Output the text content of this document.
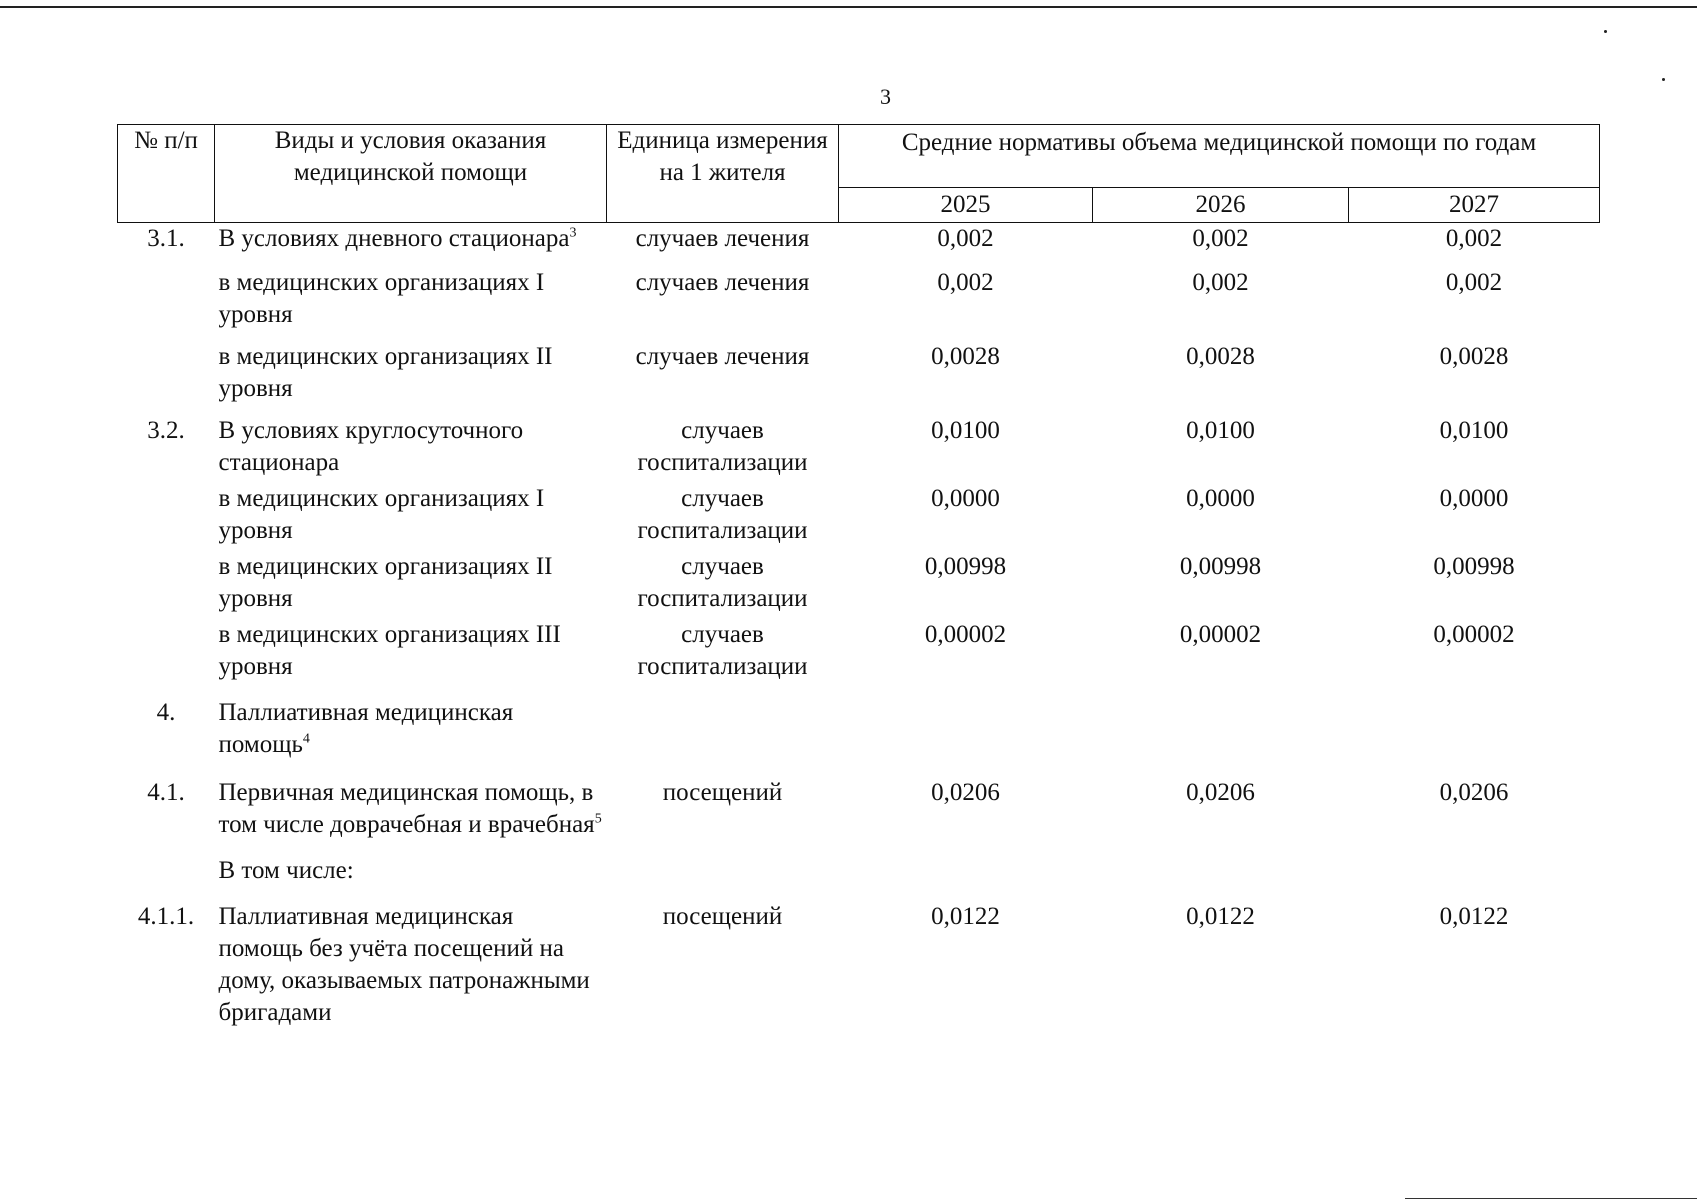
3
№ п/п	Виды и условия оказания медицинской помощи	Единица измерения на 1 жителя	Средние нормативы объема медицинской помощи по годам		
			2025	2026	2027
3.1.	В условиях дневного стационара$^3$	случаев лечения	0,002	0,002	0,002
	в медицинских организациях I уровня	случаев лечения	0,002	0,002	0,002
	в медицинских организациях II уровня	случаев лечения	0,0028	0,0028	0,0028
3.2.	В условиях круглосуточного стационара	случаев госпитализации	0,0100	0,0100	0,0100
	в медицинских организациях I уровня	случаев госпитализации	0,0000	0,0000	0,0000
	в медицинских организациях II уровня	случаев госпитализации	0,00998	0,00998	0,00998
	в медицинских организациях III уровня	случаев госпитализации	0,00002	0,00002	0,00002
4.	Паллиативная медицинская помощь$^4$				
4.1.	Первичная медицинская помощь, в том числе доврачебная и врачебная$^5$	посещений	0,0206	0,0206	0,0206
	В том числе:				
4.1.1.	Паллиативная медицинская помощь без учёта посещений на дому, оказываемых патронажными бригадами	посещений	0,0122	0,0122	0,0122
